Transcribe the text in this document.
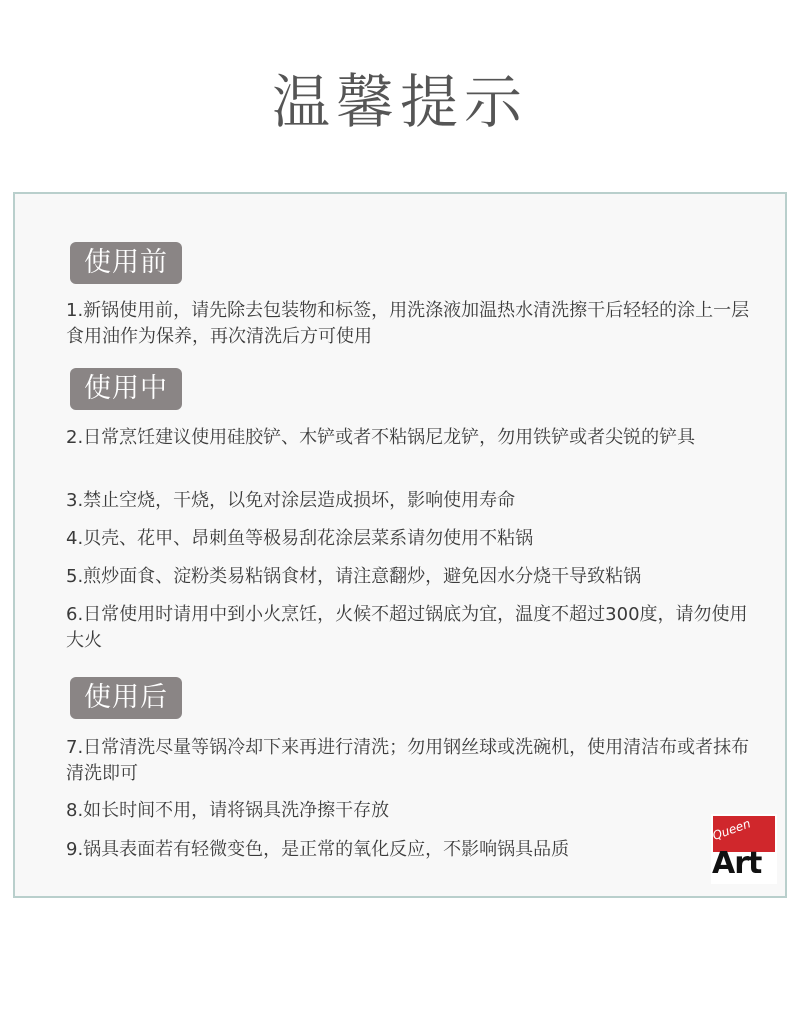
温馨提示
使用前
1.新锅使用前，请先除去包装物和标签，用洗涤液加温热水清洗擦干后轻轻的涂上一层食用油作为保养，再次清洗后方可使用
使用中
2.日常烹饪建议使用硅胶铲、木铲或者不粘锅尼龙铲，勿用铁铲或者尖锐的铲具
3.禁止空烧，干烧，以免对涂层造成损坏，影响使用寿命
4.贝壳、花甲、昂刺鱼等极易刮花涂层菜系请勿使用不粘锅
5.煎炒面食、淀粉类易粘锅食材，请注意翻炒，避免因水分烧干导致粘锅
6.日常使用时请用中到小火烹饪，火候不超过锅底为宜，温度不超过300度，请勿使用大火
使用后
7.日常清洗尽量等锅冷却下来再进行清洗；勿用钢丝球或洗碗机，使用清洁布或者抹布清洗即可
8.如长时间不用，请将锅具洗净擦干存放
9.锅具表面若有轻微变色，是正常的氧化反应，不影响锅具品质
Queen
Art
